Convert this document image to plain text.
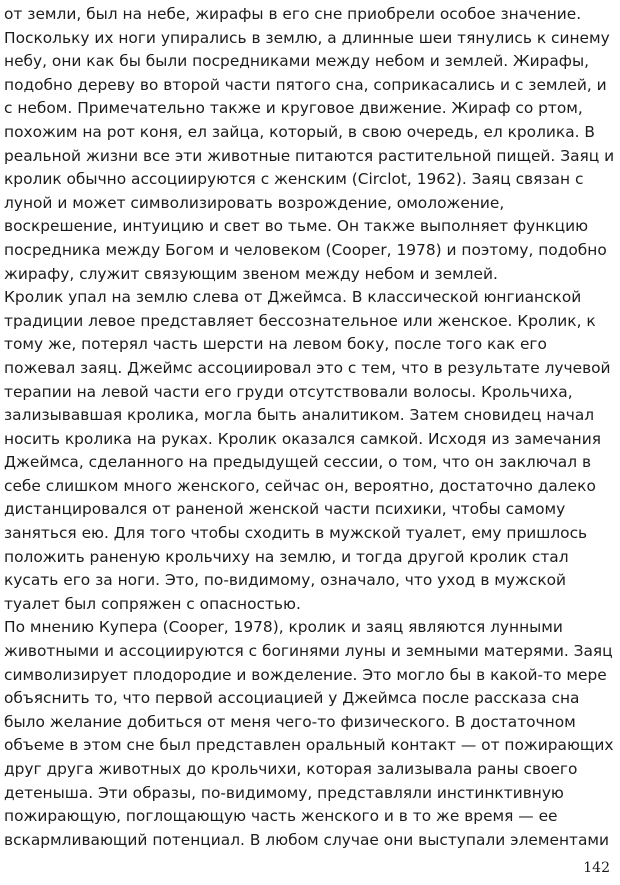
от земли, был на небе, жирафы в его сне приобрели особое значение.
Поскольку их ноги упирались в землю, а длинные шеи тянулись к синему
небу, они как бы были посредниками между небом и землей. Жирафы,
подобно дереву во второй части пятого сна, соприкасались и с землей, и
с небом. Примечательно также и круговое движение. Жираф со ртом,
похожим на рот коня, ел зайца, который, в свою очередь, ел кролика. В
реальной жизни все эти животные питаются растительной пищей. Заяц и
кролик обычно ассоциируются с женским (Circlot, 1962). Заяц связан с
луной и может символизировать возрождение, омоложение,
воскрешение, интуицию и свет во тьме. Он также выполняет функцию
посредника между Богом и человеком (Cooper, 1978) и поэтому, подобно
жирафу, служит связующим звеном между небом и землей.
Кролик упал на землю слева от Джеймса. В классической юнгианской
традиции левое представляет бессознательное или женское. Кролик, к
тому же, потерял часть шерсти на левом боку, после того как его
пожевал заяц. Джеймс ассоциировал это с тем, что в результате лучевой
терапии на левой части его груди отсутствовали волосы. Крольчиха,
зализывавшая кролика, могла быть аналитиком. Затем сновидец начал
носить кролика на руках. Кролик оказался самкой. Исходя из замечания
Джеймса, сделанного на предыдущей сессии, о том, что он заключал в
себе слишком много женского, сейчас он, вероятно, достаточно далеко
дистанцировался от раненой женской части психики, чтобы самому
заняться ею. Для того чтобы сходить в мужской туалет, ему пришлось
положить раненую крольчиху на землю, и тогда другой кролик стал
кусать его за ноги. Это, по-видимому, означало, что уход в мужской
туалет был сопряжен с опасностью.
По мнению Купера (Cooper, 1978), кролик и заяц являются лунными
животными и ассоциируются с богинями луны и земными матерями. Заяц
символизирует плодородие и вожделение. Это могло бы в какой-то мере
объяснить то, что первой ассоциацией у Джеймса после рассказа сна
было желание добиться от меня чего-то физического. В достаточном
объеме в этом сне был представлен оральный контакт — от пожирающих
друг друга животных до крольчихи, которая зализывала раны своего
детеныша. Эти образы, по-видимому, представляли инстинктивную
пожирающую, поглощающую часть женского и в то же время — ее
вскармливающий потенциал. В любом случае они выступали элементами
142
